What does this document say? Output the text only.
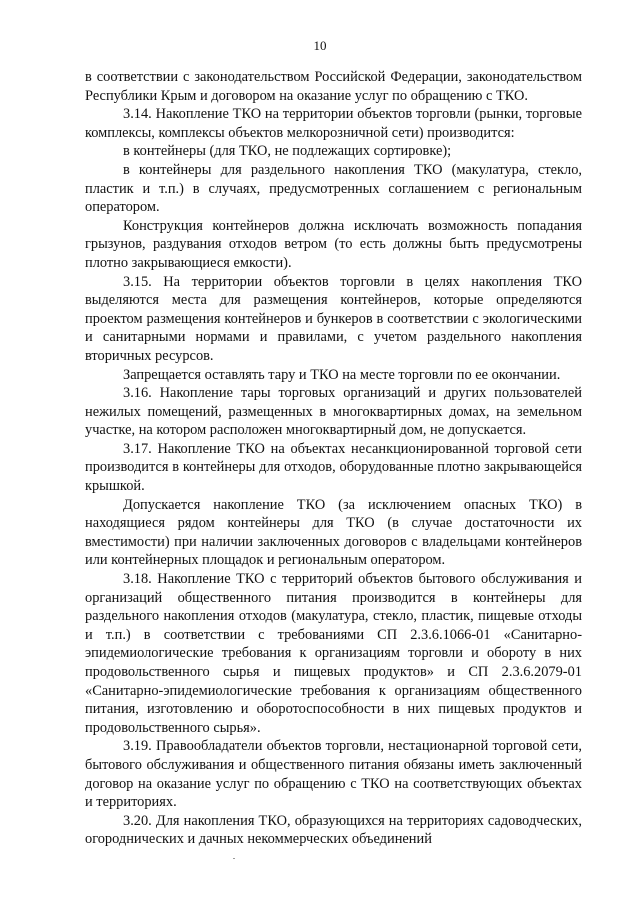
10

в соответствии с законодательством Российской Федерации, законодательством Республики Крым и договором на оказание услуг по обращению с ТКО.

3.14. Накопление ТКО на территории объектов торговли (рынки, торговые комплексы, комплексы объектов мелкорозничной сети) производится:

в контейнеры (для ТКО, не подлежащих сортировке);

в контейнеры для раздельного накопления ТКО (макулатура, стекло, пластик и т.п.) в случаях, предусмотренных соглашением с региональным оператором.

Конструкция контейнеров должна исключать возможность попадания грызунов, раздувания отходов ветром (то есть должны быть предусмотрены плотно закрывающиеся емкости).

3.15. На территории объектов торговли в целях накопления ТКО выделяются места для размещения контейнеров, которые определяются проектом размещения контейнеров и бункеров в соответствии с экологическими и санитарными нормами и правилами, с учетом раздельного накопления вторичных ресурсов.

Запрещается оставлять тару и ТКО на месте торговли по ее окончании.

3.16. Накопление тары торговых организаций и других пользователей нежилых помещений, размещенных в многоквартирных домах, на земельном участке, на котором расположен многоквартирный дом, не допускается.

3.17. Накопление ТКО на объектах несанкционированной торговой сети производится в контейнеры для отходов, оборудованные плотно закрывающейся крышкой.

Допускается накопление ТКО (за исключением опасных ТКО) в находящиеся рядом контейнеры для ТКО (в случае достаточности их вместимости) при наличии заключенных договоров с владельцами контейнеров или контейнерных площадок и региональным оператором.

3.18. Накопление ТКО с территорий объектов бытового обслуживания и организаций общественного питания производится в контейнеры для раздельного накопления отходов (макулатура, стекло, пластик, пищевые отходы и т.п.) в соответствии с требованиями СП 2.3.6.1066-01 «Санитарно-эпидемиологические требования к организациям торговли и обороту в них продовольственного сырья и пищевых продуктов» и СП 2.3.6.2079-01 «Санитарно-эпидемиологические требования к организациям общественного питания, изготовлению и оборотоспособности в них пищевых продуктов и продовольственного сырья».

3.19. Правообладатели объектов торговли, нестационарной торговой сети, бытового обслуживания и общественного питания обязаны иметь заключенный договор на оказание услуг по обращению с ТКО на соответствующих объектах и территориях.

3.20. Для накопления ТКО, образующихся на территориях садоводческих, огороднических и дачных некоммерческих объединений
